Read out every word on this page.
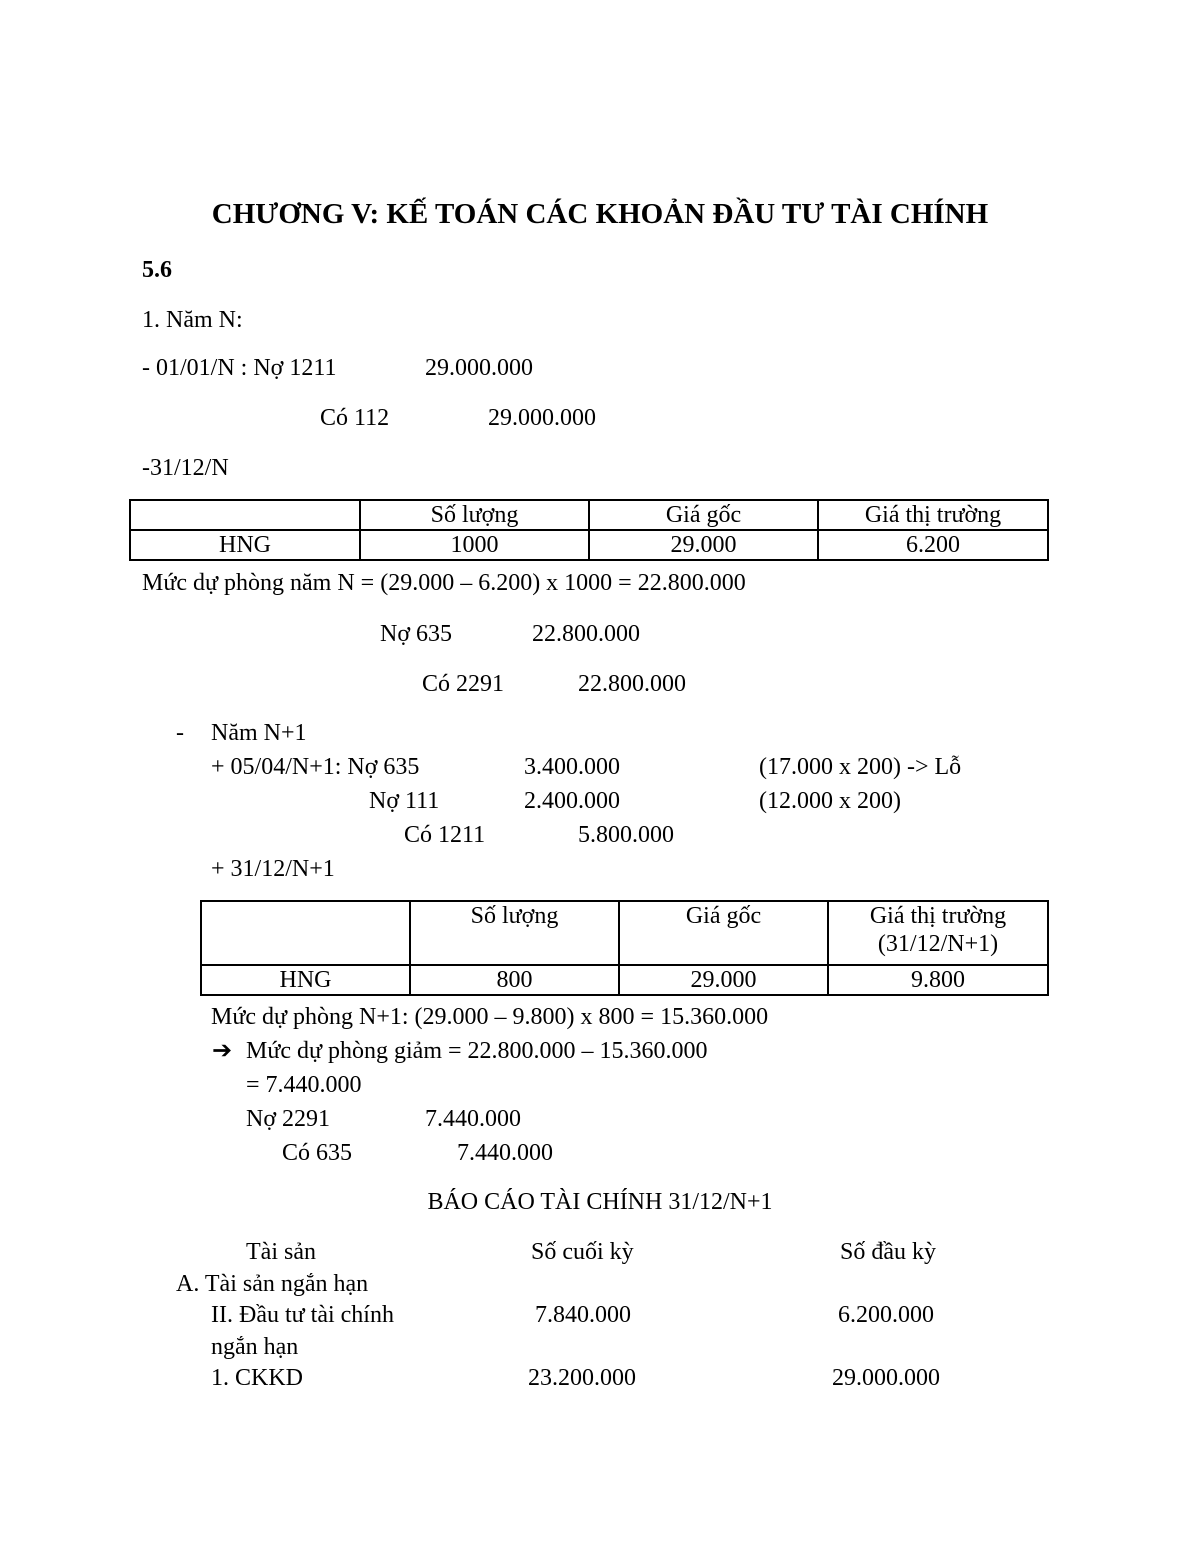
CHƯƠNG V: KẾ TOÁN CÁC KHOẢN ĐẦU TƯ TÀI CHÍNH
5.6
1. Năm N:
- 01/01/N : Nợ 1211	29.000.000
Có 112	29.000.000
-31/12/N
	Số lượng	Giá gốc	Giá thị trường
HNG	1000	29.000	6.200
Mức dự phòng năm N = (29.000 – 6.200) x 1000 = 22.800.000
Nợ 635	22.800.000
Có 2291	22.800.000
- Năm N+1
+ 05/04/N+1: Nợ 635	3.400.000	(17.000 x 200) -> Lỗ
Nợ 111	2.400.000	(12.000 x 200)
Có 1211	5.800.000
+ 31/12/N+1
	Số lượng	Giá gốc	Giá thị trường
(31/12/N+1)

HNG	800	29.000	9.800
Mức dự phòng N+1: (29.000 – 9.800) x 800 = 15.360.000
➔ Mức dự phòng giảm = 22.800.000 – 15.360.000
= 7.440.000
Nợ 2291	7.440.000
Có 635	7.440.000
BÁO CÁO TÀI CHÍNH 31/12/N+1
Tài sản	Số cuối kỳ	Số đầu kỳ
A. Tài sản ngắn hạn
II. Đầu tư tài chính	7.840.000	6.200.000
ngắn hạn
1. CKKD	23.200.000	29.000.000
